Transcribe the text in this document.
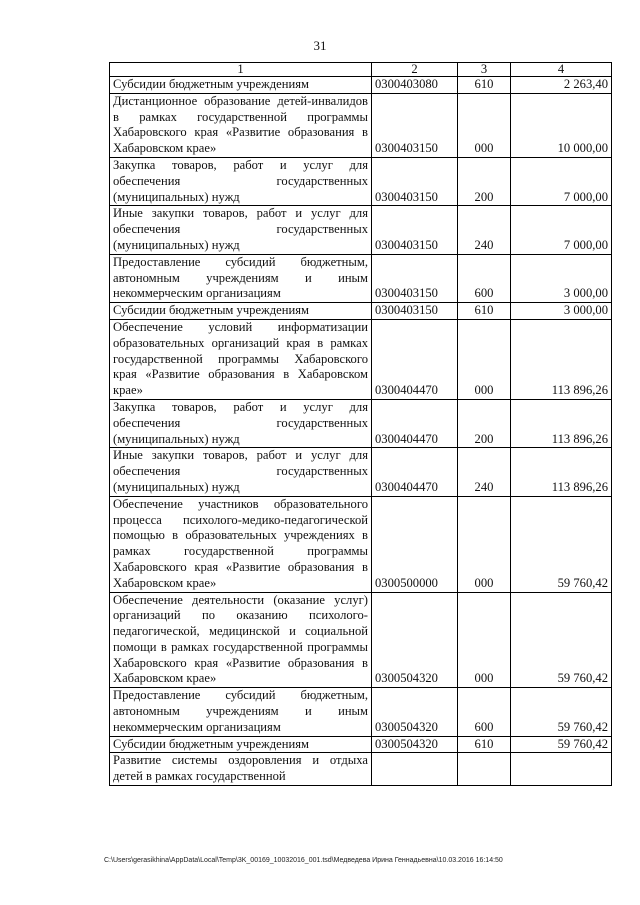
31
1	2	3	4
Субсидии бюджетным учреждениям	0300403080	610	2 263,40
Дистанционное образование детей-инвалидов в рамках государственной программы Хабаровского края «Развитие образования в Хабаровском крае»	0300403150	000	10 000,00
Закупка товаров, работ и услуг для обеспечения государственных (муниципальных) нужд	0300403150	200	7 000,00
Иные закупки товаров, работ и услуг для обеспечения государственных (муниципальных) нужд	0300403150	240	7 000,00
Предоставление субсидий бюджетным, автономным учреждениям и иным некоммерческим организациям	0300403150	600	3 000,00
Субсидии бюджетным учреждениям	0300403150	610	3 000,00
Обеспечение условий информатизации образовательных организаций края в рамках государственной программы Хабаровского края «Развитие образования в Хабаровском крае»	0300404470	000	113 896,26
Закупка товаров, работ и услуг для обеспечения государственных (муниципальных) нужд	0300404470	200	113 896,26
Иные закупки товаров, работ и услуг для обеспечения государственных (муниципальных) нужд	0300404470	240	113 896,26
Обеспечение участников образовательного процесса психолого-медико-педагогической помощью в образовательных учреждениях в рамках государственной программы Хабаровского края «Развитие образования в Хабаровском крае»	0300500000	000	59 760,42
Обеспечение деятельности (оказание услуг) организаций по оказанию психолого-педагогической, медицинской и социальной помощи в рамках государственной программы Хабаровского края «Развитие образования в Хабаровском крае»	0300504320	000	59 760,42
Предоставление субсидий бюджетным, автономным учреждениям и иным некоммерческим организациям	0300504320	600	59 760,42
Субсидии бюджетным учреждениям	0300504320	610	59 760,42
Развитие системы оздоровления и отдыха детей в рамках государственной			
C:\Users\gerasikhina\AppData\Local\Temp\3K_00169_10032016_001.tsd\Медведева Ирина Геннадьевна\10.03.2016 16:14:50
